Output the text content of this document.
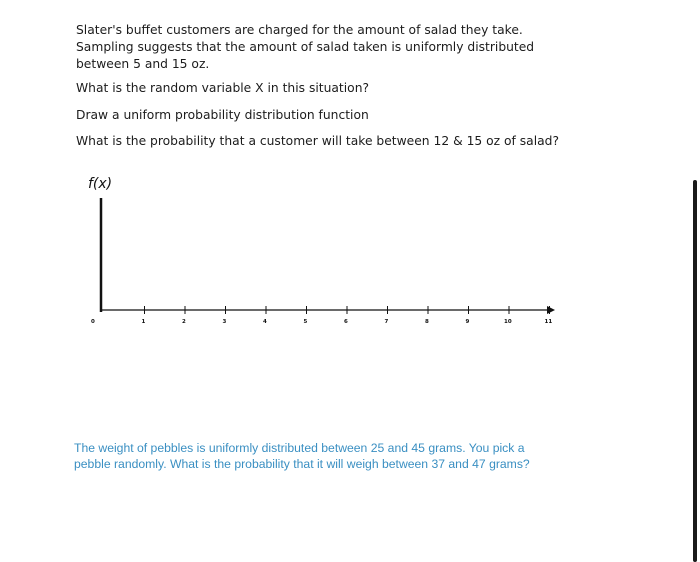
Slater's buffet customers are charged for the amount of salad they take.
Sampling suggests that the amount of salad taken is uniformly distributed
between 5 and 15 oz.
What is the random variable X in this situation?
Draw a uniform probability distribution function
What is the probability that a customer will take between 12 & 15 oz of salad?
f(x)
0	1	2	3	4	5	6	7	8	9	10	11
The weight of pebbles is uniformly distributed between 25 and 45 grams. You pick a
pebble randomly. What is the probability that it will weigh between 37 and 47 grams?
